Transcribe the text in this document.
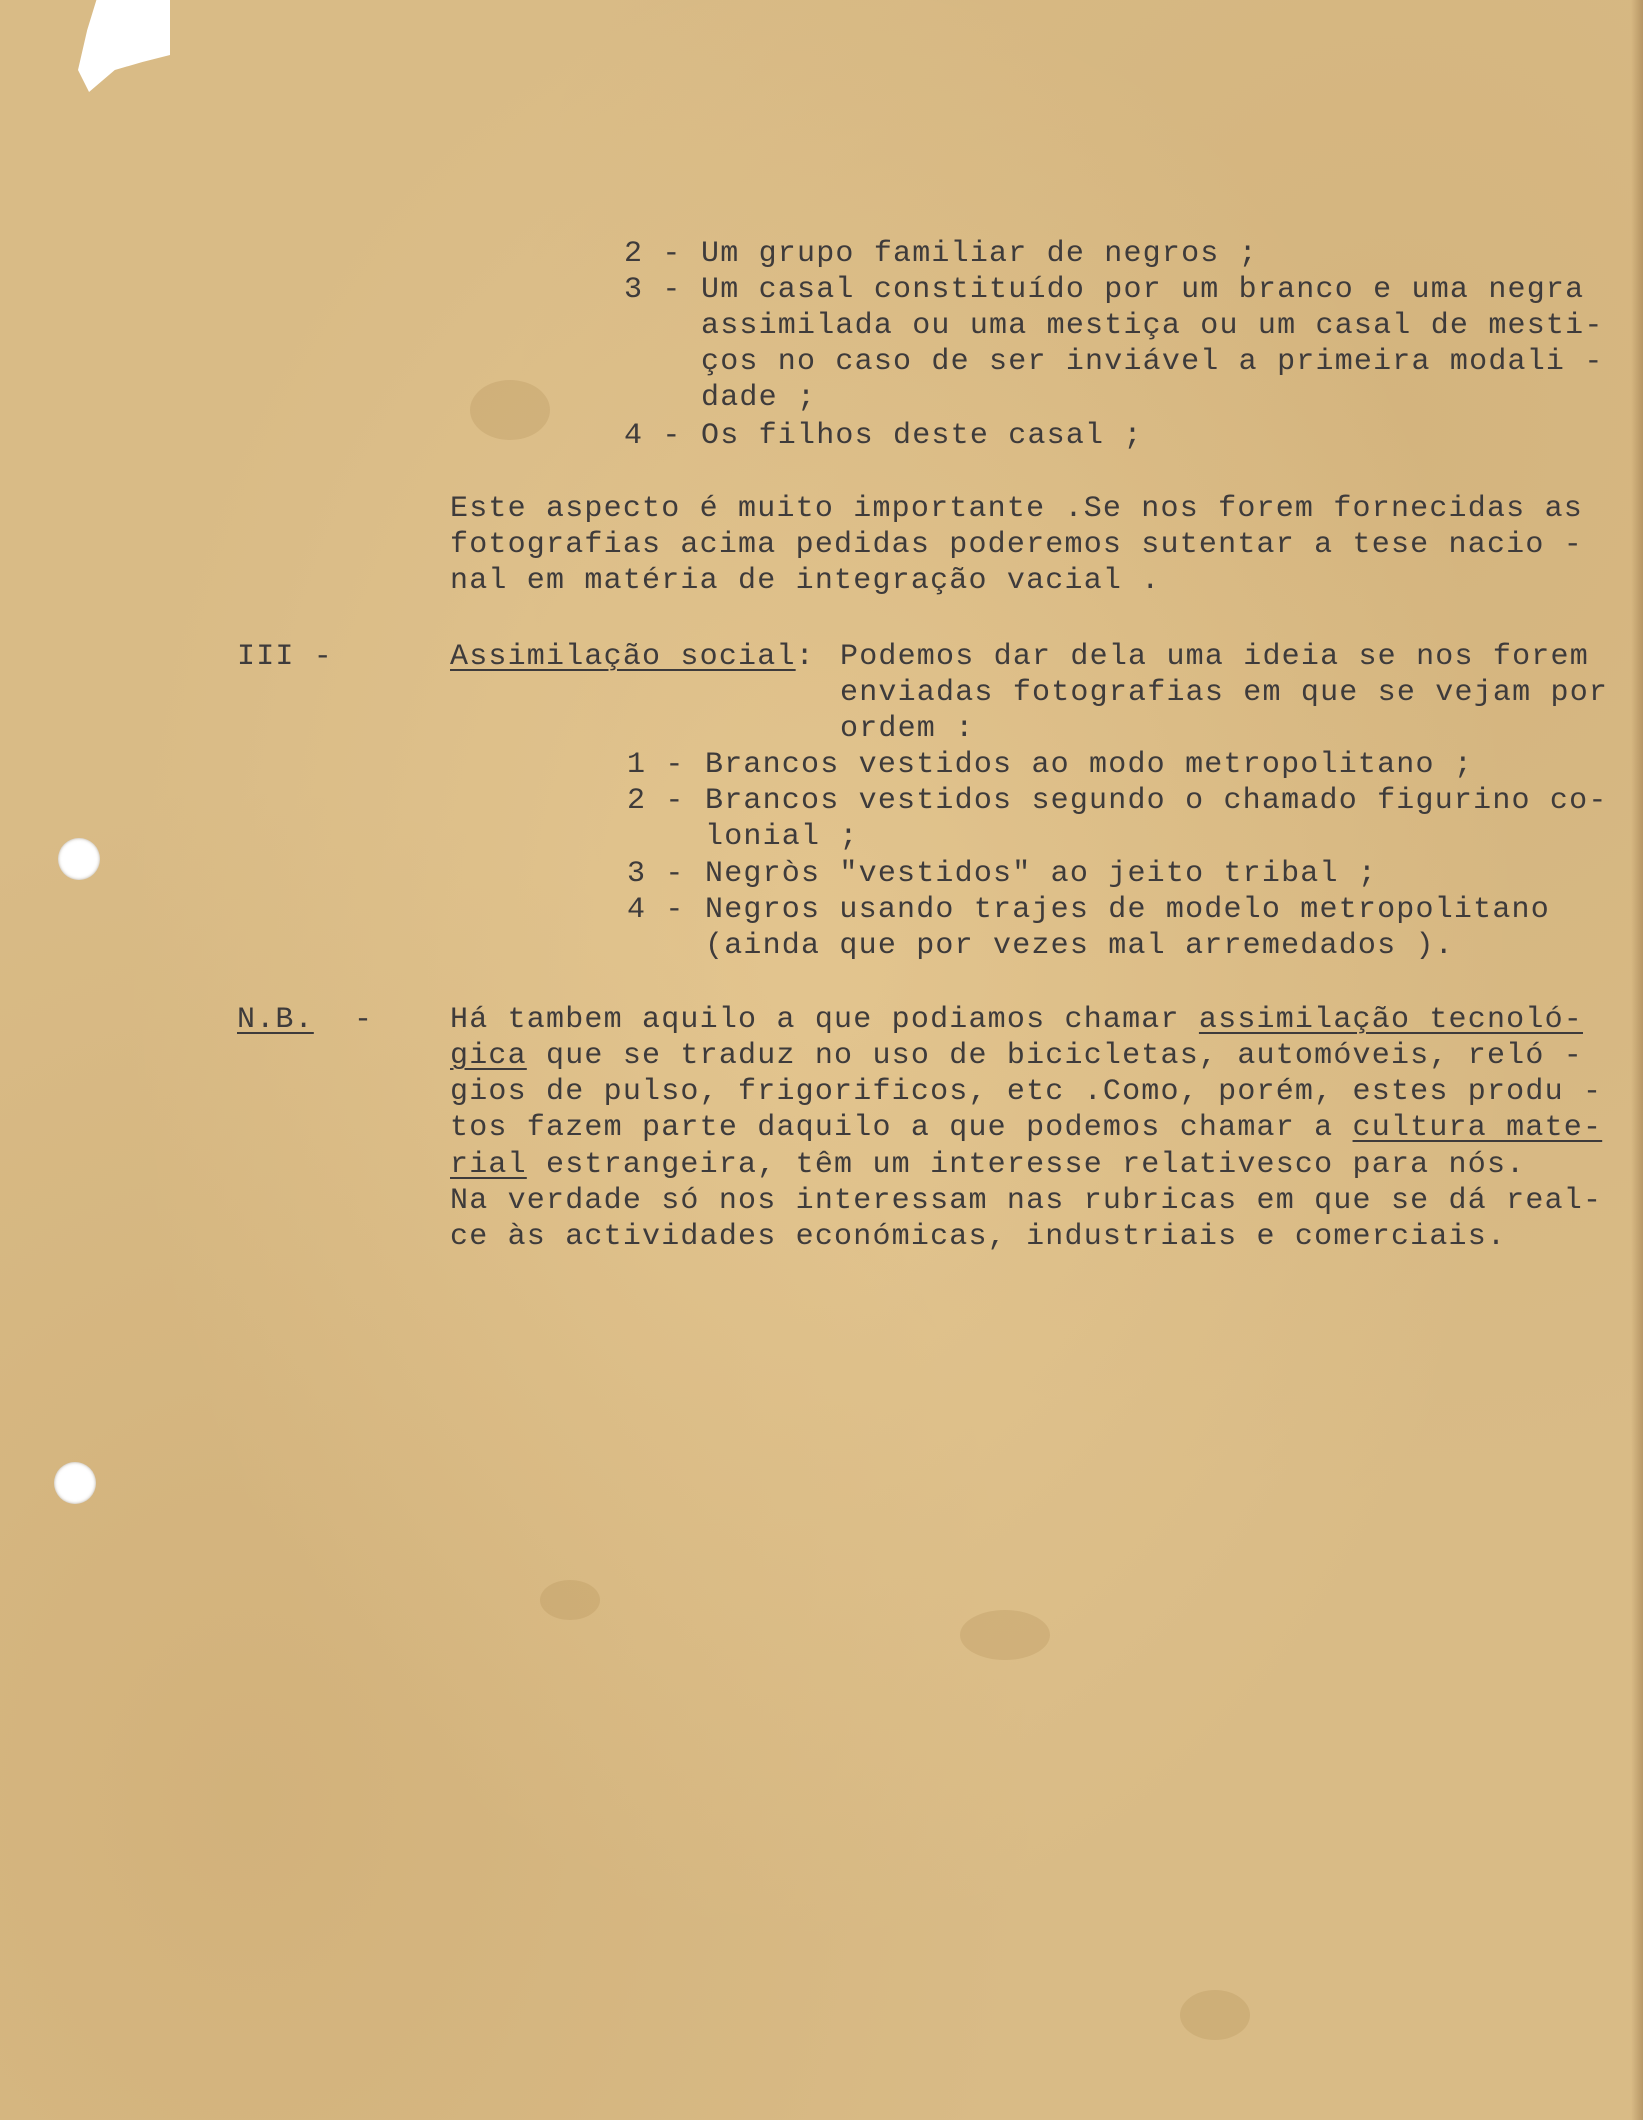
2 - Um grupo familiar de negros ;
3 - Um casal constituído por um branco e uma negra
assimilada ou uma mestiça ou um casal de mesti-
ços no caso de ser inviável a primeira modali -
dade ;
4 - Os filhos deste casal ;
Este aspecto é muito importante .Se nos forem fornecidas as
fotografias acima pedidas poderemos sutentar a tese nacio -
nal em matéria de integração vacial .
III -	Assimilação social: Podemos dar dela uma ideia se nos forem
enviadas fotografias em que se vejam por
ordem :
1 - Brancos vestidos ao modo metropolitano ;
2 - Brancos vestidos segundo o chamado figurino co-
lonial ;
3 - Negròs "vestidos" ao jeito tribal ;
4 - Negros usando trajes de modelo metropolitano
(ainda que por vezes mal arremedados ).
N.B. -	Há tambem aquilo a que podiamos chamar assimilação tecnoló-
gica que se traduz no uso de bicicletas, automóveis, reló -
gios de pulso, frigorificos, etc .Como, porém, estes produ -
tos fazem parte daquilo a que podemos chamar a cultura mate-
rial estrangeira, têm um interesse relativesco para nós.
Na verdade só nos interessam nas rubricas em que se dá real-
ce às actividades económicas, industriais e comerciais.
